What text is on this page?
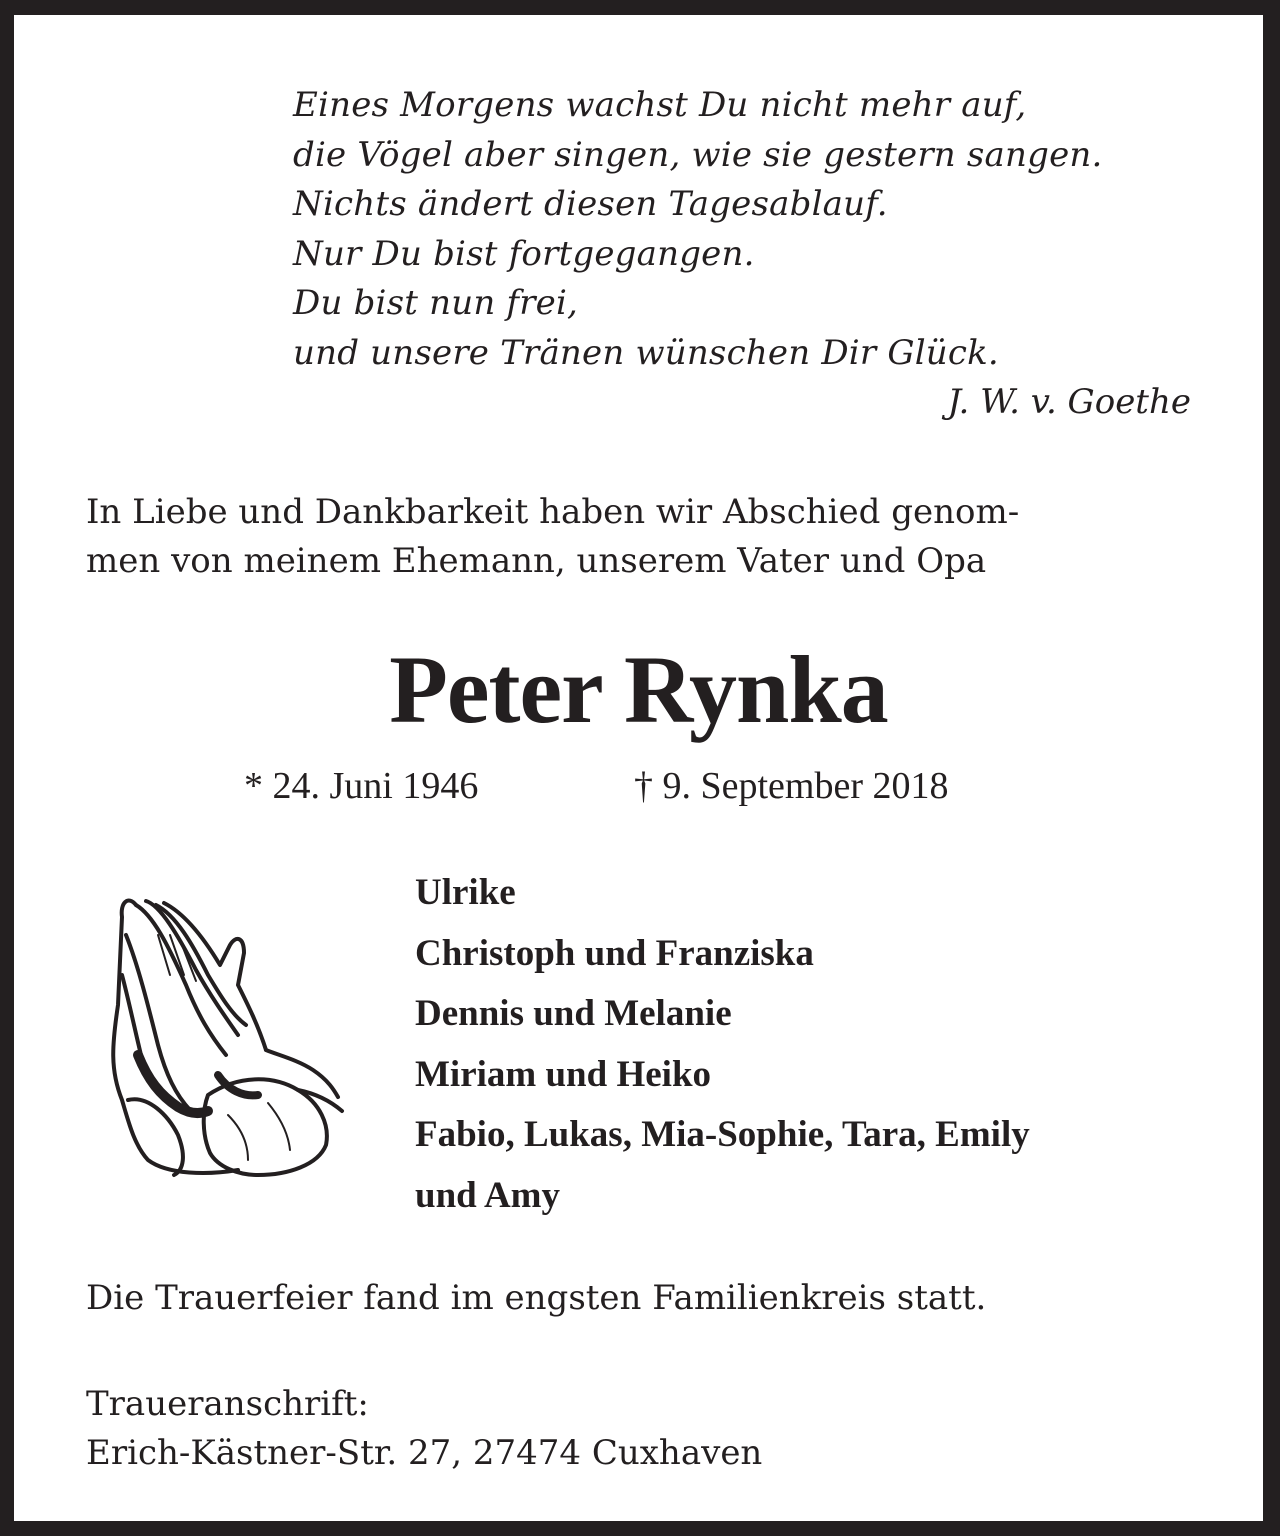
Eines Morgens wachst Du nicht mehr auf,
die Vögel aber singen, wie sie gestern sangen.
Nichts ändert diesen Tagesablauf.
Nur Du bist fortgegangen.
Du bist nun frei,
und unsere Tränen wünschen Dir Glück.
J. W. v. Goethe
In Liebe und Dankbarkeit haben wir Abschied genom-
men von meinem Ehemann, unserem Vater und Opa
Peter Rynka
* 24. Juni 1946	† 9. September 2018
Ulrike
Christoph und Franziska
Dennis und Melanie
Miriam und Heiko
Fabio, Lukas, Mia-Sophie, Tara, Emily
und Amy
Die Trauerfeier fand im engsten Familienkreis statt.
Traueranschrift:
Erich-Kästner-Str. 27, 27474 Cuxhaven
